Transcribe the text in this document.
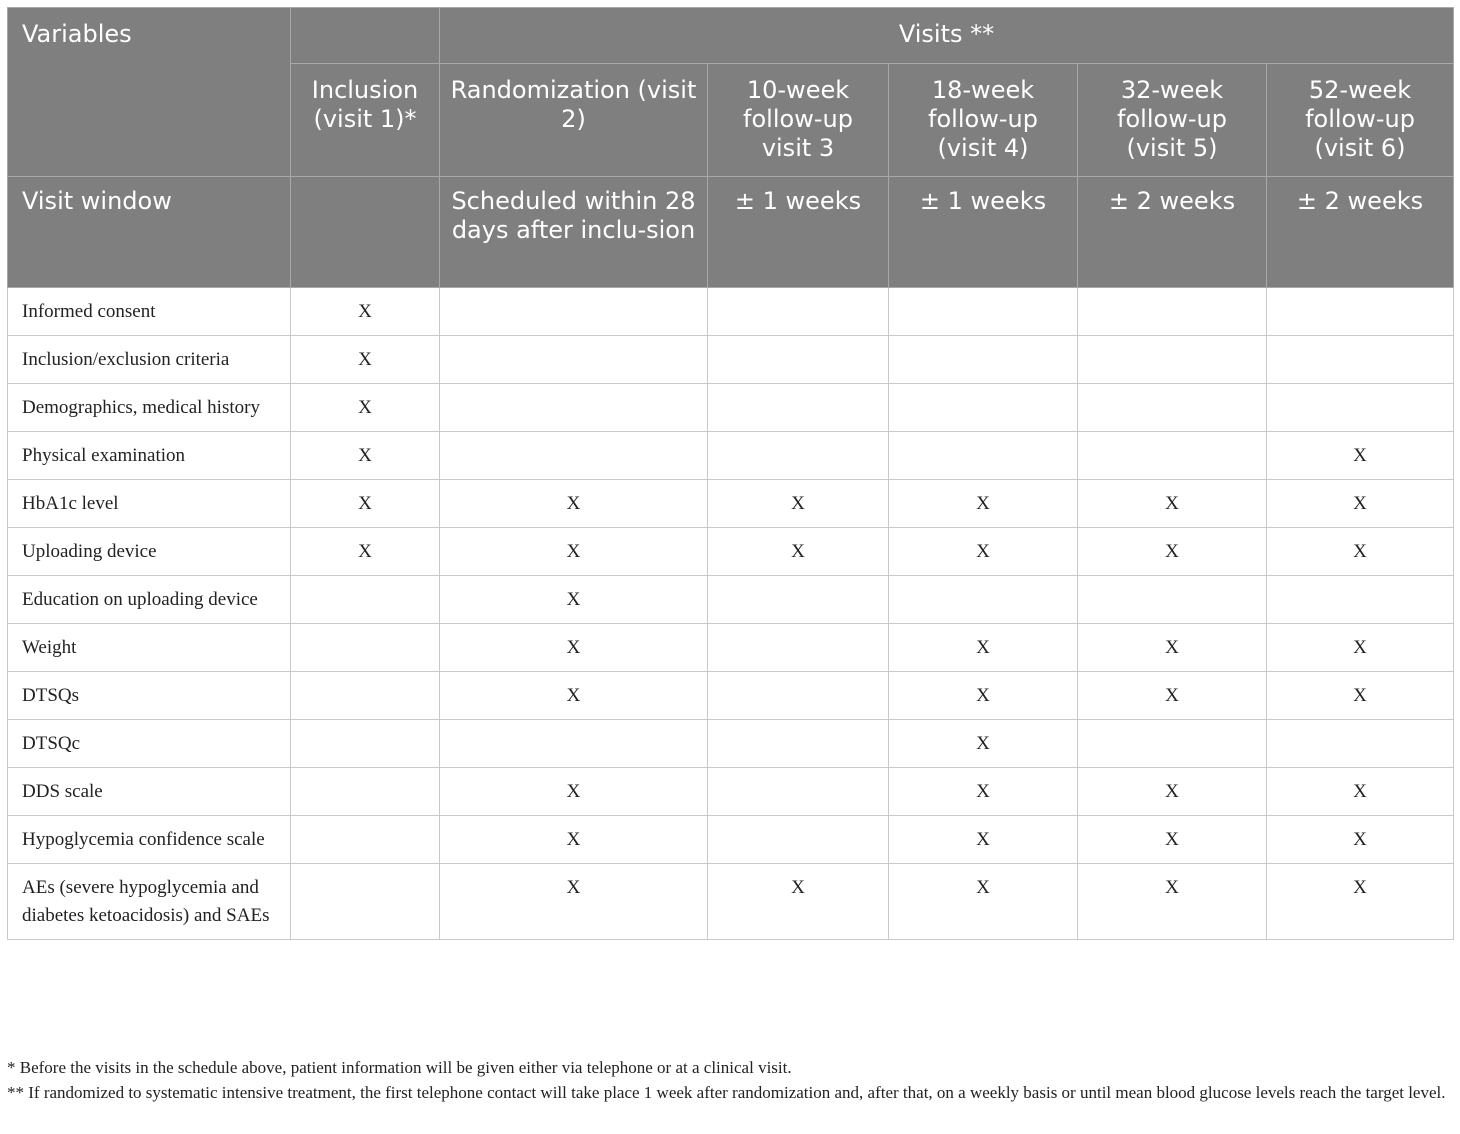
Variables		Visits **				
	Inclusion (visit 1)*	Randomization (visit 2)	10-week follow-up visit 3	18-week follow-up (visit 4)	32-week follow-up (visit 5)	52-week follow-up (visit 6)
Visit window		Scheduled within 28 days after inclu-sion	± 1 weeks	± 1 weeks	± 2 weeks	± 2 weeks
Informed consent	X					
Inclusion/exclusion criteria	X					
Demographics, medical history	X					
Physical examination	X					X
HbA1c level	X	X	X	X	X	X
Uploading device	X	X	X	X	X	X
Education on uploading device		X				
Weight		X		X	X	X
DTSQs		X		X	X	X
DTSQc				X		
DDS scale		X		X	X	X
Hypoglycemia confidence scale		X		X	X	X
AEs (severe hypoglycemia and diabetes ketoacidosis) and SAEs		X	X	X	X	X

* Before the visits in the schedule above, patient information will be given either via telephone or at a clinical visit.

** If randomized to systematic intensive treatment, the first telephone contact will take place 1 week after randomization and, after that, on a weekly basis or until mean blood glucose levels reach the target level.
